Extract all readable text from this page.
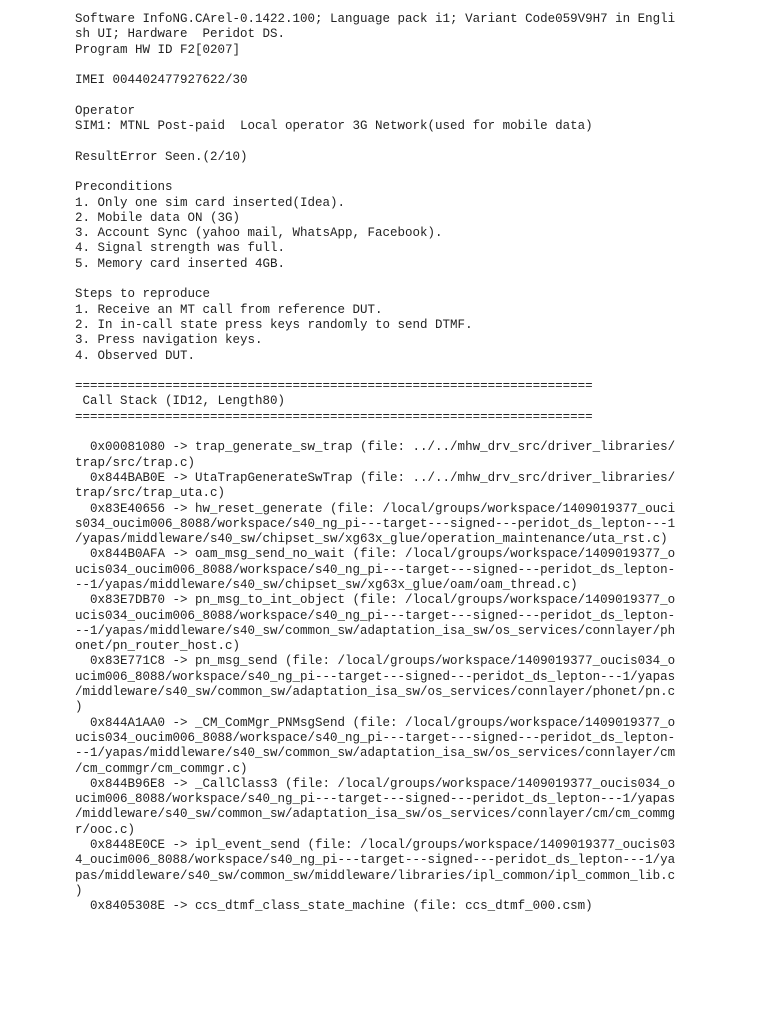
Software InfoNG.CArel-0.1422.100; Language pack i1; Variant Code059V9H7 in Engli
sh UI; Hardware  Peridot DS.
Program HW ID F2[0207]
IMEI 004402477927622/30
Operator
SIM1: MTNL Post-paid  Local operator 3G Network(used for mobile data)
ResultError Seen.(2/10)
Preconditions
1. Only one sim card inserted(Idea).
2. Mobile data ON (3G)
3. Account Sync (yahoo mail, WhatsApp, Facebook).
4. Signal strength was full.
5. Memory card inserted 4GB.
Steps to reproduce
1. Receive an MT call from reference DUT.
2. In in-call state press keys randomly to send DTMF.
3. Press navigation keys.
4. Observed DUT.
=====================================================================
Call Stack (ID12, Length80)
=====================================================================
0x00081080 -> trap_generate_sw_trap (file: ../../mhw_drv_src/driver_libraries/
trap/src/trap.c)
0x844BAB0E -> UtaTrapGenerateSwTrap (file: ../../mhw_drv_src/driver_libraries/
trap/src/trap_uta.c)
0x83E40656 -> hw_reset_generate (file: /local/groups/workspace/1409019377_ouci
s034_oucim006_8088/workspace/s40_ng_pi---target---signed---peridot_ds_lepton---1
/yapas/middleware/s40_sw/chipset_sw/xg63x_glue/operation_maintenance/uta_rst.c)
0x844B0AFA -> oam_msg_send_no_wait (file: /local/groups/workspace/1409019377_o
ucis034_oucim006_8088/workspace/s40_ng_pi---target---signed---peridot_ds_lepton-
--1/yapas/middleware/s40_sw/chipset_sw/xg63x_glue/oam/oam_thread.c)
0x83E7DB70 -> pn_msg_to_int_object (file: /local/groups/workspace/1409019377_o
ucis034_oucim006_8088/workspace/s40_ng_pi---target---signed---peridot_ds_lepton-
--1/yapas/middleware/s40_sw/common_sw/adaptation_isa_sw/os_services/connlayer/ph
onet/pn_router_host.c)
0x83E771C8 -> pn_msg_send (file: /local/groups/workspace/1409019377_oucis034_o
ucim006_8088/workspace/s40_ng_pi---target---signed---peridot_ds_lepton---1/yapas
/middleware/s40_sw/common_sw/adaptation_isa_sw/os_services/connlayer/phonet/pn.c
)
0x844A1AA0 -> _CM_ComMgr_PNMsgSend (file: /local/groups/workspace/1409019377_o
ucis034_oucim006_8088/workspace/s40_ng_pi---target---signed---peridot_ds_lepton-
--1/yapas/middleware/s40_sw/common_sw/adaptation_isa_sw/os_services/connlayer/cm
/cm_commgr/cm_commgr.c)
0x844B96E8 -> _CallClass3 (file: /local/groups/workspace/1409019377_oucis034_o
ucim006_8088/workspace/s40_ng_pi---target---signed---peridot_ds_lepton---1/yapas
/middleware/s40_sw/common_sw/adaptation_isa_sw/os_services/connlayer/cm/cm_commg
r/ooc.c)
0x8448E0CE -> ipl_event_send (file: /local/groups/workspace/1409019377_oucis03
4_oucim006_8088/workspace/s40_ng_pi---target---signed---peridot_ds_lepton---1/ya
pas/middleware/s40_sw/common_sw/middleware/libraries/ipl_common/ipl_common_lib.c
)
0x8405308E -> ccs_dtmf_class_state_machine (file: ccs_dtmf_000.csm)
